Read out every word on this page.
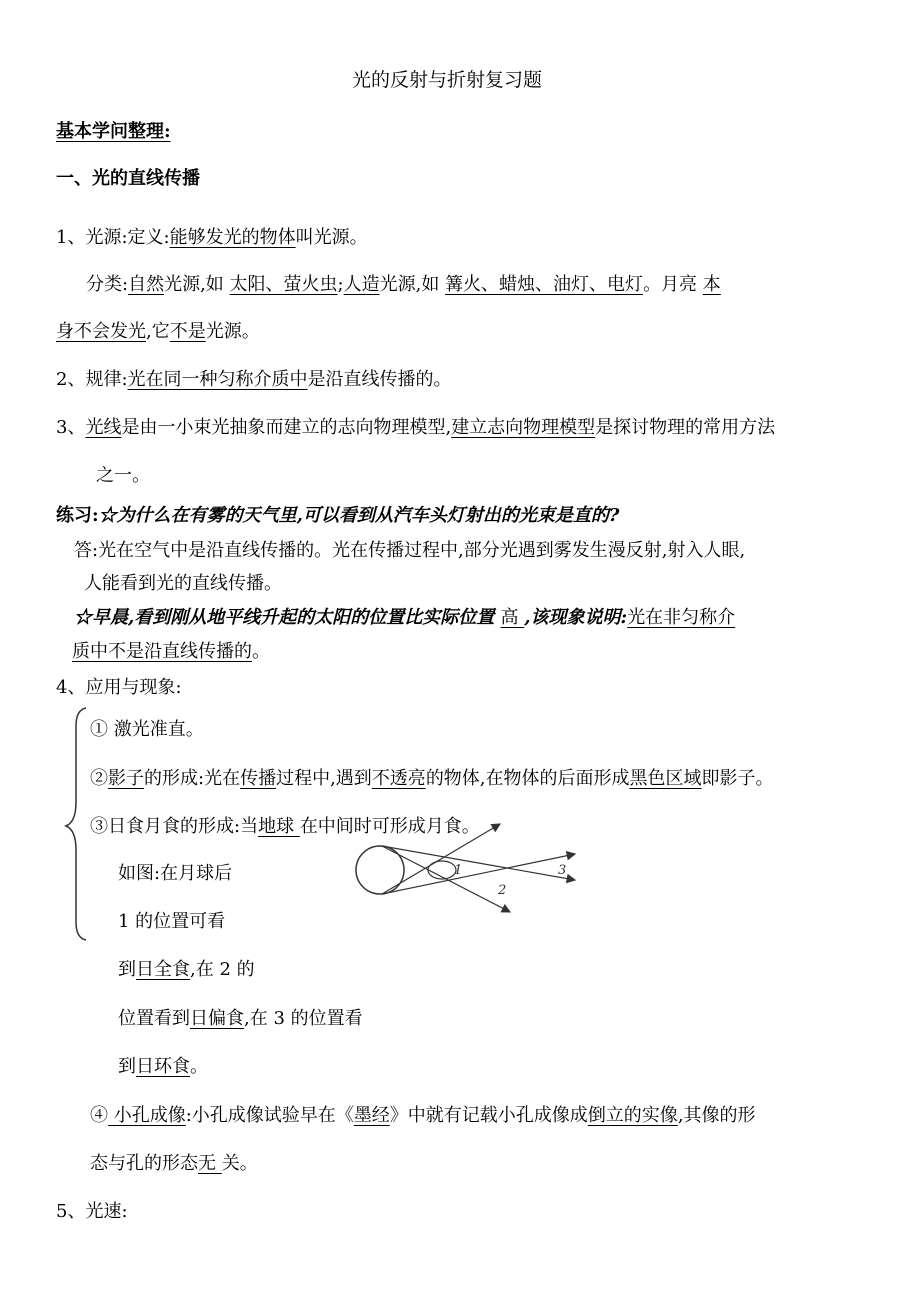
光的反射与折射复习题
基本学问整理:
一、光的直线传播
1、光源:定义:能够发光的物体叫光源。
分类:自然光源,如 太阳、萤火虫;人造光源,如 篝火、蜡烛、油灯、电灯。月亮 本
身不会发光,它不是光源。
2、规律:光在同一种匀称介质中是沿直线传播的。
3、光线是由一小束光抽象而建立的志向物理模型,建立志向物理模型是探讨物理的常用方法
之一。
练习:☆为什么在有雾的天气里,可以看到从汽车头灯射出的光束是直的?
答:光在空气中是沿直线传播的。光在传播过程中,部分光遇到雾发生漫反射,射入人眼,
人能看到光的直线传播。
☆早晨,看到刚从地平线升起的太阳的位置比实际位置 高 ,该现象说明:光在非匀称介
质中不是沿直线传播的。
4、应用与现象:
① 激光准直。
②影子的形成:光在传播过程中,遇到不透亮的物体,在物体的后面形成黑色区域即影子。
③日食月食的形成:当地球 在中间时可形成月食。
1
2
3
如图:在月球后
1 的位置可看
到日全食,在 2 的
位置看到日偏食,在 3 的位置看
到日环食。
④ 小孔成像:小孔成像试验早在《墨经》中就有记载小孔成像成倒立的实像,其像的形
态与孔的形态无 关。
5、光速:
